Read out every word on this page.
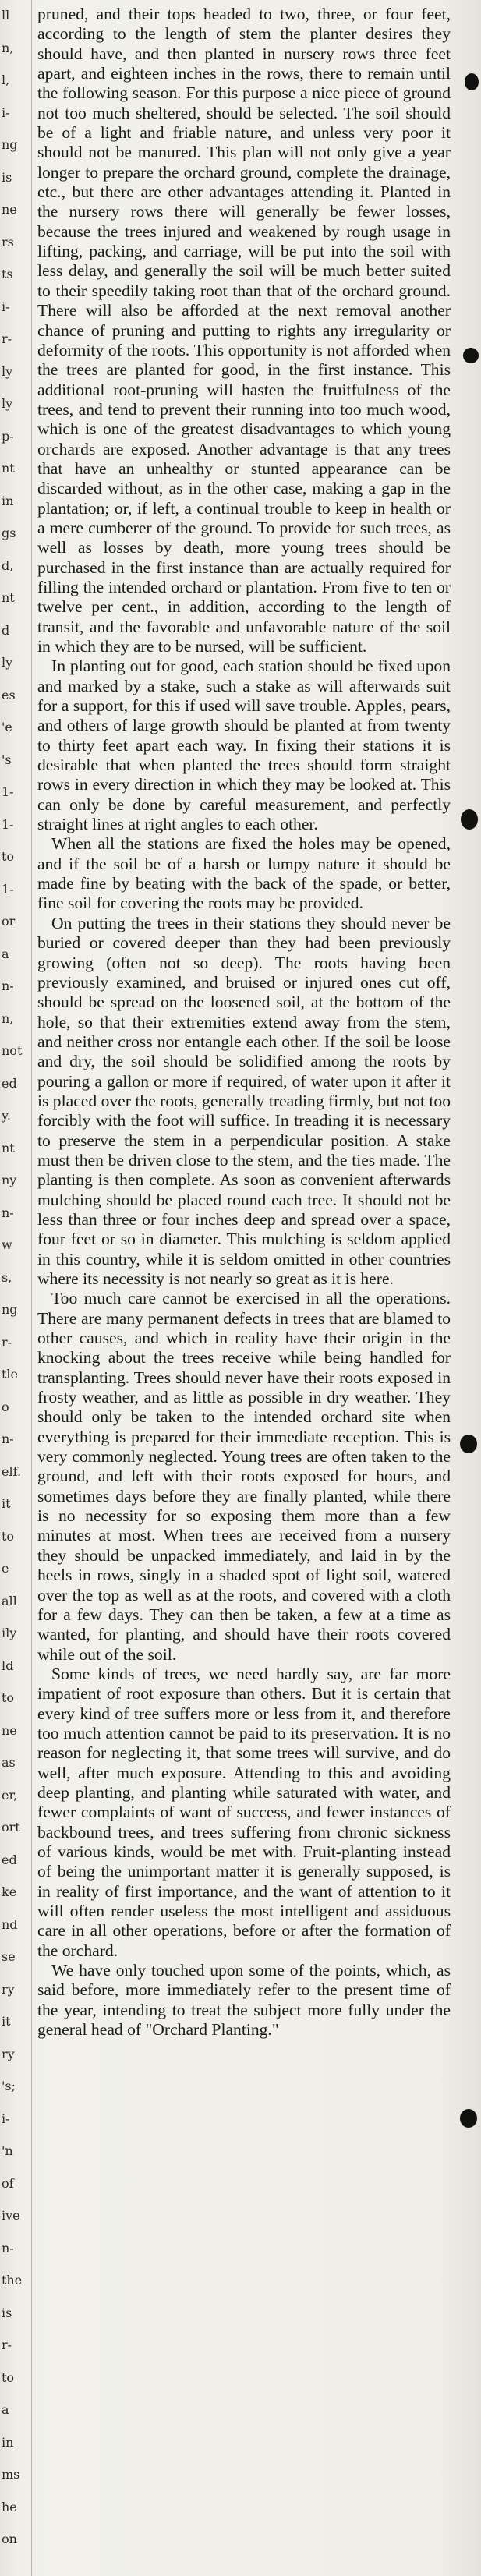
ll
n,
l,
i-
ng
is
ne
rs
ts
i-
r-
ly
ly
p-
nt
in
gs
d,
nt
d
ly
es
'e
's
1-
1-
to
1-
or
a
n-
n,
not
ed
y.
nt
ny
n-
w
s,
ng
r-
tle
o
n-
elf.
it
to
e
all
ily
ld
to
ne
as
er,
ort
ed
ke
nd
se
ry
it
ry
's;
i-
'n
of
ive
n-
the
is
r-
to
a
in
ms
he
on

pruned, and their tops headed to two, three, or four feet, according to the length of stem the planter desires they should have, and then planted in nursery rows three feet apart, and eighteen inches in the rows, there to remain until the following season. For this purpose a nice piece of ground not too much sheltered, should be selected. The soil should be of a light and friable nature, and unless very poor it should not be manured. This plan will not only give a year longer to prepare the orchard ground, complete the drainage, etc., but there are other advantages attending it. Planted in the nursery rows there will generally be fewer losses, because the trees injured and weakened by rough usage in lifting, packing, and carriage, will be put into the soil with less delay, and generally the soil will be much better suited to their speedily taking root than that of the orchard ground. There will also be afforded at the next removal another chance of pruning and putting to rights any irregularity or deformity of the roots. This opportunity is not afforded when the trees are planted for good, in the first instance. This additional root-pruning will hasten the fruitfulness of the trees, and tend to prevent their running into too much wood, which is one of the greatest disadvantages to which young orchards are exposed. Another advantage is that any trees that have an unhealthy or stunted appearance can be discarded without, as in the other case, making a gap in the plantation; or, if left, a continual trouble to keep in health or a mere cumberer of the ground. To provide for such trees, as well as losses by death, more young trees should be purchased in the first instance than are actually required for filling the intended orchard or plantation. From five to ten or twelve per cent., in addition, according to the length of transit, and the favorable and unfavorable nature of the soil in which they are to be nursed, will be sufficient.

In planting out for good, each station should be fixed upon and marked by a stake, such a stake as will afterwards suit for a support, for this if used will save trouble. Apples, pears, and others of large growth should be planted at from twenty to thirty feet apart each way. In fixing their stations it is desirable that when planted the trees should form straight rows in every direction in which they may be looked at. This can only be done by careful measurement, and perfectly straight lines at right angles to each other.

When all the stations are fixed the holes may be opened, and if the soil be of a harsh or lumpy nature it should be made fine by beating with the back of the spade, or better, fine soil for covering the roots may be provided.

On putting the trees in their stations they should never be buried or covered deeper than they had been previously growing (often not so deep). The roots having been previously examined, and bruised or injured ones cut off, should be spread on the loosened soil, at the bottom of the hole, so that their extremities extend away from the stem, and neither cross nor entangle each other. If the soil be loose and dry, the soil should be solidified among the roots by pouring a gallon or more if required, of water upon it after it is placed over the roots, generally treading firmly, but not too forcibly with the foot will suffice. In treading it is necessary to preserve the stem in a perpendicular position. A stake must then be driven close to the stem, and the ties made. The planting is then complete. As soon as convenient afterwards mulching should be placed round each tree. It should not be less than three or four inches deep and spread over a space, four feet or so in diameter. This mulching is seldom applied in this country, while it is seldom omitted in other countries where its necessity is not nearly so great as it is here.

Too much care cannot be exercised in all the operations. There are many permanent defects in trees that are blamed to other causes, and which in reality have their origin in the knocking about the trees receive while being handled for transplanting. Trees should never have their roots exposed in frosty weather, and as little as possible in dry weather. They should only be taken to the intended orchard site when everything is prepared for their immediate reception. This is very commonly neglected. Young trees are often taken to the ground, and left with their roots exposed for hours, and sometimes days before they are finally planted, while there is no necessity for so exposing them more than a few minutes at most. When trees are received from a nursery they should be unpacked immediately, and laid in by the heels in rows, singly in a shaded spot of light soil, watered over the top as well as at the roots, and covered with a cloth for a few days. They can then be taken, a few at a time as wanted, for planting, and should have their roots covered while out of the soil.

Some kinds of trees, we need hardly say, are far more impatient of root exposure than others. But it is certain that every kind of tree suffers more or less from it, and therefore too much attention cannot be paid to its preservation. It is no reason for neglecting it, that some trees will survive, and do well, after much exposure. Attending to this and avoiding deep planting, and planting while saturated with water, and fewer complaints of want of success, and fewer instances of backbound trees, and trees suffering from chronic sickness of various kinds, would be met with. Fruit-planting instead of being the unimportant matter it is generally supposed, is in reality of first importance, and the want of attention to it will often render useless the most intelligent and assiduous care in all other operations, before or after the formation of the orchard.

We have only touched upon some of the points, which, as said before, more immediately refer to the present time of the year, intending to treat the subject more fully under the general head of "Orchard Planting."
